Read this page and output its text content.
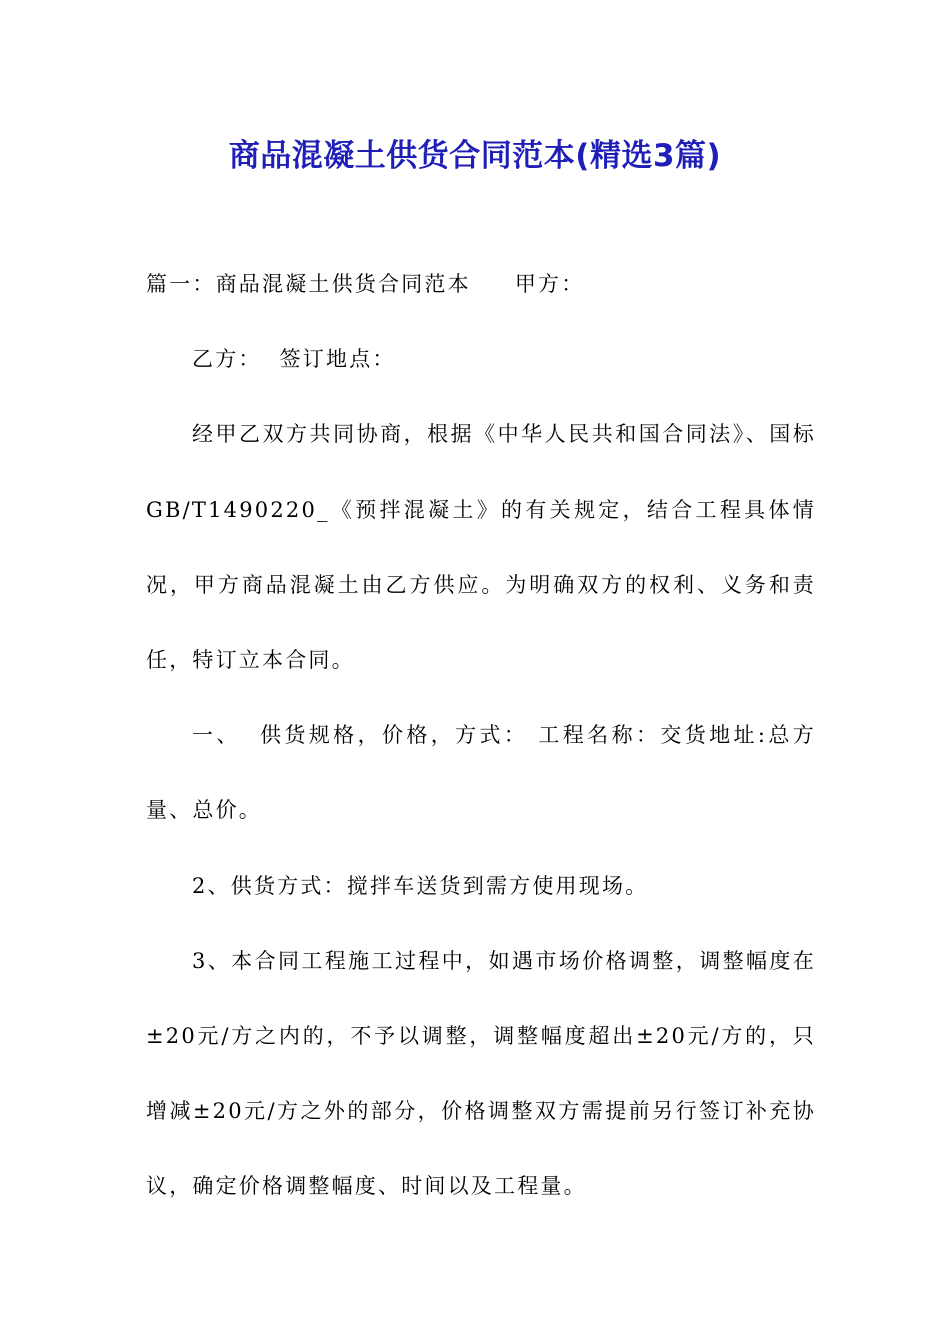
商品混凝土供货合同范本(精选3篇)

篇一：商品混凝土供货合同范本 甲方：

乙方： 签订地点：

经甲乙双方共同协商，根据《中华人民共和国合同法》、国标GB/T1490220_《预拌混凝土》的有关规定，结合工程具体情况，甲方商品混凝土由乙方供应。为明确双方的权利、义务和责任，特订立本合同。

一、 供货规格，价格，方式： 工程名称：交货地址:总方量、总价。

2、供货方式：搅拌车送货到需方使用现场。

3、本合同工程施工过程中，如遇市场价格调整，调整幅度在±20元/方之内的，不予以调整，调整幅度超出±20元/方的，只增减±20元/方之外的部分，价格调整双方需提前另行签订补充协议，确定价格调整幅度、时间以及工程量。
